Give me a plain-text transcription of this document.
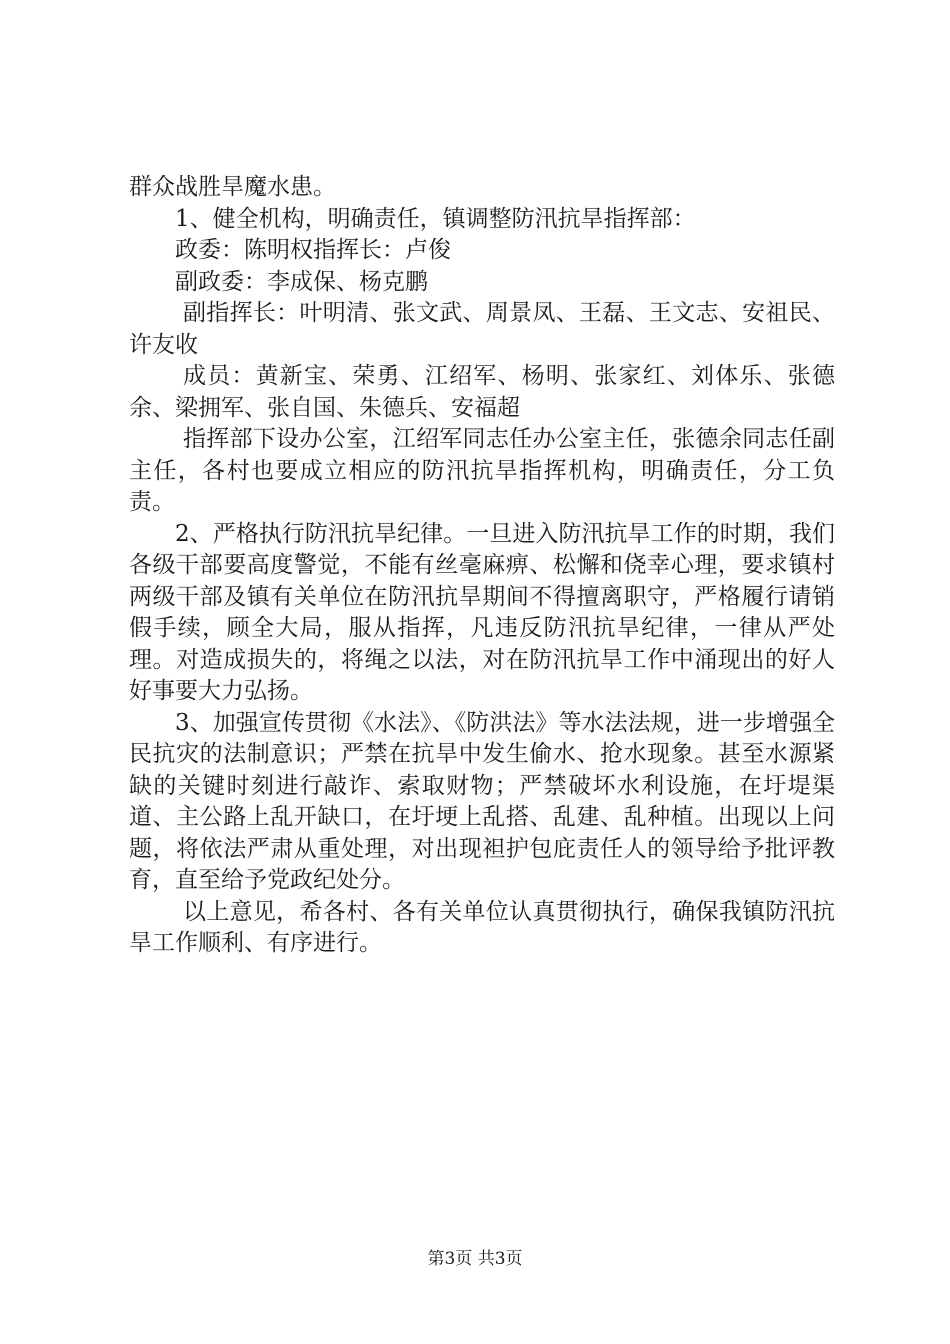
群众战胜旱魔水患。

1、健全机构，明确责任，镇调整防汛抗旱指挥部：

政委：陈明权指挥长：卢俊

副政委：李成保、杨克鹏

副指挥长：叶明清、张文武、周景凤、王磊、王文志、安祖民、许友收

成员：黄新宝、荣勇、江绍军、杨明、张家红、刘体乐、张德余、梁拥军、张自国、朱德兵、安福超

指挥部下设办公室，江绍军同志任办公室主任，张德余同志任副主任，各村也要成立相应的防汛抗旱指挥机构，明确责任，分工负责。

2、严格执行防汛抗旱纪律。一旦进入防汛抗旱工作的时期，我们各级干部要高度警觉，不能有丝毫麻痹、松懈和侥幸心理，要求镇村两级干部及镇有关单位在防汛抗旱期间不得擅离职守，严格履行请销假手续，顾全大局，服从指挥，凡违反防汛抗旱纪律，一律从严处理。对造成损失的，将绳之以法，对在防汛抗旱工作中涌现出的好人好事要大力弘扬。

3、加强宣传贯彻《水法》、《防洪法》等水法法规，进一步增强全民抗灾的法制意识；严禁在抗旱中发生偷水、抢水现象。甚至水源紧缺的关键时刻进行敲诈、索取财物；严禁破坏水利设施，在圩堤渠道、主公路上乱开缺口，在圩埂上乱搭、乱建、乱种植。出现以上问题，将依法严肃从重处理，对出现袒护包庇责任人的领导给予批评教育，直至给予党政纪处分。

以上意见，希各村、各有关单位认真贯彻执行，确保我镇防汛抗旱工作顺利、有序进行。

第3页 共3页
